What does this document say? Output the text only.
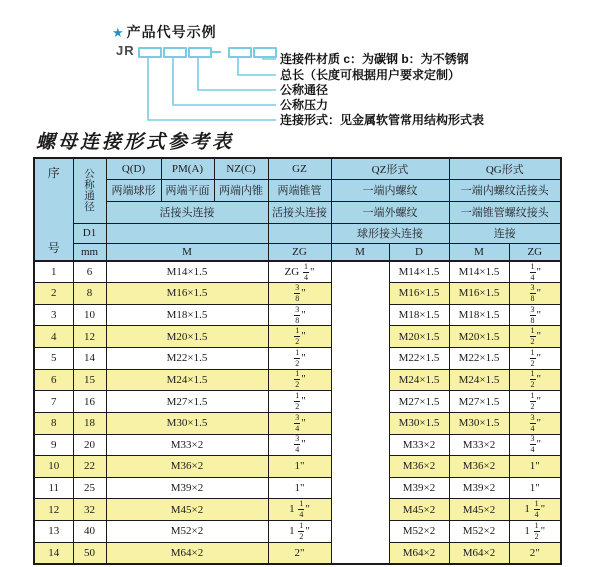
★ 产品代号示例
JR
连接件材质 c：为碳钢 b：为不锈钢
总长（长度可根据用户要求定制）
公称通径
公称压力
连接形式：见金属软管常用结构形式表
螺母连接形式参考表
序
号

公
称
通
径
	Q(D)	PM(A)	NZ(C)	GZ	QZ形式	QG形式
		两端球形	两端平面	两端内锥	两端锥管	一端内螺纹		一端内螺纹活接头	
		活接头连接			活接头连接	一端外螺纹		一端锥管螺纹接头	
	D1					球形接头连接		连接	
	mm	M			ZG	M	D	M	ZG
1	6	M14×1.5			ZG $\frac{1}{4}$ "		M14×1.5	M14×1.5	$\frac{1}{4}$ "
2	8	M16×1.5			$\frac{3}{8}$ "		M16×1.5	M16×1.5	$\frac{3}{8}$ "
3	10	M18×1.5			$\frac{3}{8}$ "		M18×1.5	M18×1.5	$\frac{3}{8}$ "
4	12	M20×1.5			$\frac{1}{2}$ "		M20×1.5	M20×1.5	$\frac{1}{2}$ "
5	14	M22×1.5			$\frac{1}{2}$ "		M22×1.5	M22×1.5	$\frac{1}{2}$ "
6	15	M24×1.5			$\frac{1}{2}$ "		M24×1.5	M24×1.5	$\frac{1}{2}$ "
7	16	M27×1.5			$\frac{1}{2}$ "		M27×1.5	M27×1.5	$\frac{1}{2}$ "
8	18	M30×1.5			$\frac{3}{4}$ "		M30×1.5	M30×1.5	$\frac{3}{4}$ "
9	20	M33×2			$\frac{3}{4}$ "		M33×2	M33×2	$\frac{3}{4}$ "
10	22	M36×2			1"		M36×2	M36×2	1"
11	25	M39×2			1"		M39×2	M39×2	1"
12	32	M45×2			$1 \frac{1}{4}$ "		M45×2	M45×2	$1 \frac{1}{4}$ "
13	40	M52×2			$1 \frac{1}{2}$ "		M52×2	M52×2	$1 \frac{1}{2}$ "
14	50	M64×2			2"		M64×2	M64×2	2"
